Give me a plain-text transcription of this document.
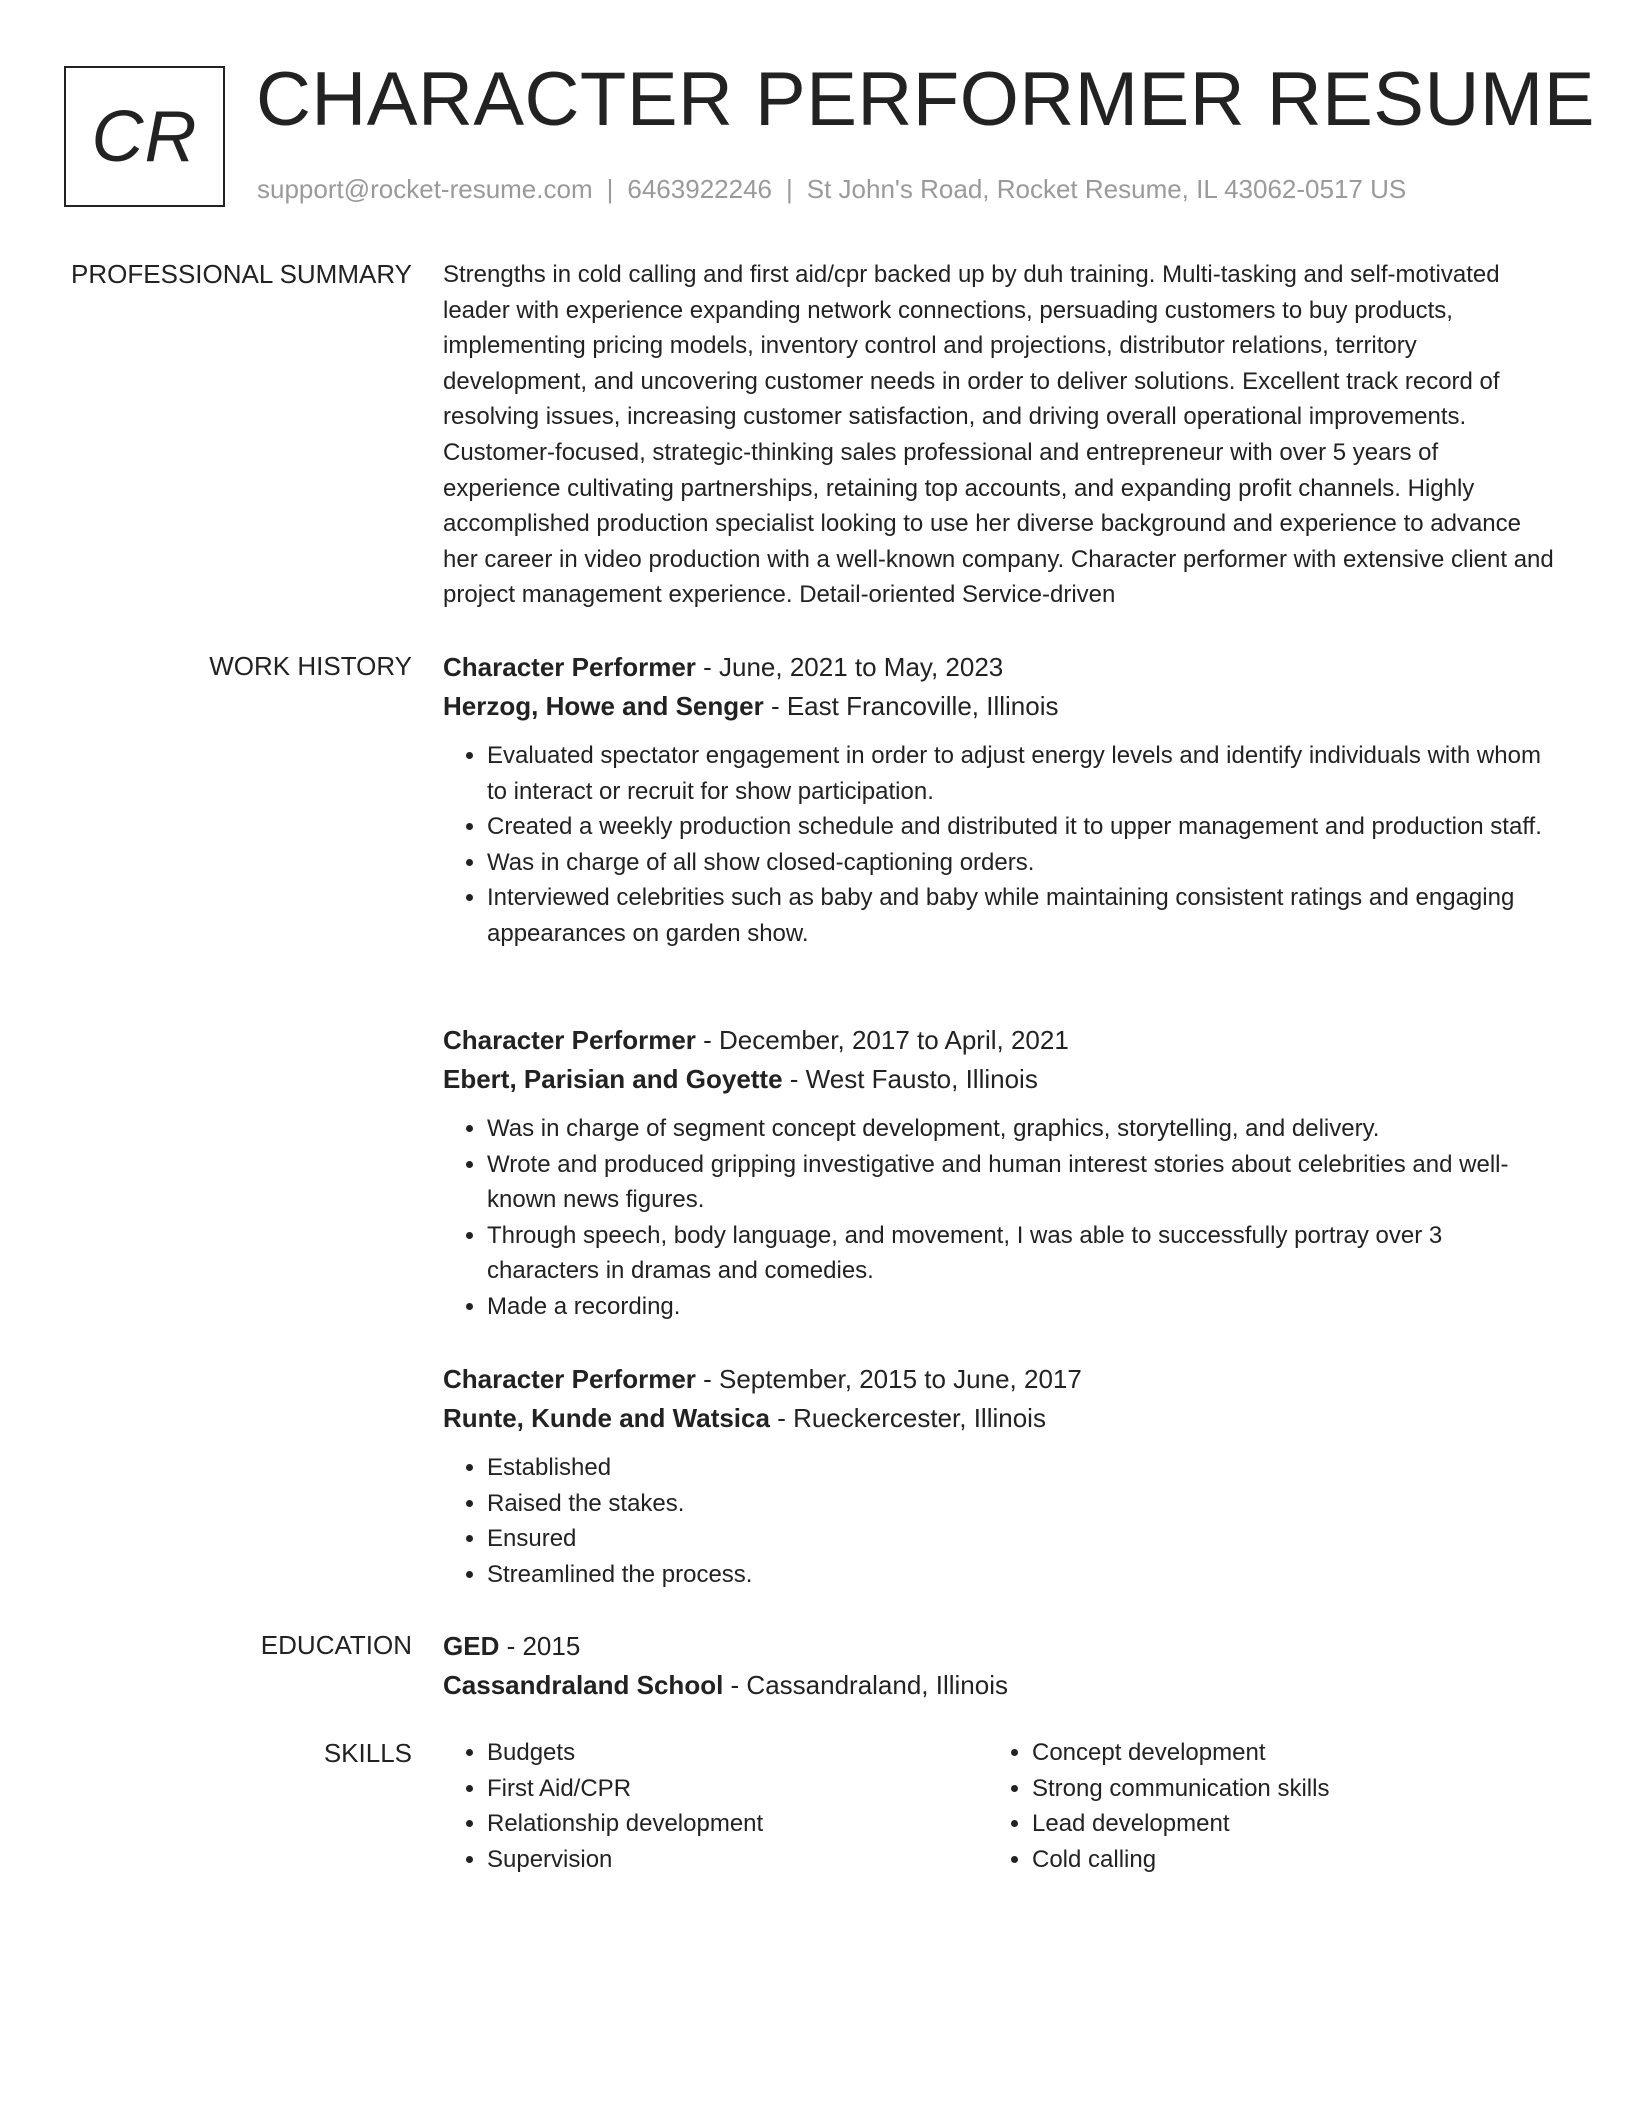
CR CHARACTER PERFORMER RESUME
support@rocket-resume.com | 6463922246 | St John's Road, Rocket Resume, IL 43062-0517 US
PROFESSIONAL SUMMARY Strengths in cold calling and first aid/cpr backed up by duh training. Multi-tasking and self-motivated leader with experience expanding network connections, persuading customers to buy products, implementing pricing models, inventory control and projections, distributor relations, territory development, and uncovering customer needs in order to deliver solutions. Excellent track record of resolving issues, increasing customer satisfaction, and driving overall operational improvements. Customer-focused, strategic-thinking sales professional and entrepreneur with over 5 years of experience cultivating partnerships, retaining top accounts, and expanding profit channels. Highly accomplished production specialist looking to use her diverse background and experience to advance her career in video production with a well-known company. Character performer with extensive client and project management experience. Detail-oriented Service-driven

WORK HISTORY Character Performer - June, 2021 to May, 2023
Herzog, Howe and Senger - East Francoville, Illinois
• Evaluated spectator engagement in order to adjust energy levels and identify individuals with whom to interact or recruit for show participation.
• Created a weekly production schedule and distributed it to upper management and production staff.
• Was in charge of all show closed-captioning orders.
• Interviewed celebrities such as baby and baby while maintaining consistent ratings and engaging appearances on garden show.
Character Performer - December, 2017 to April, 2021
Ebert, Parisian and Goyette - West Fausto, Illinois
• Was in charge of segment concept development, graphics, storytelling, and delivery.
• Wrote and produced gripping investigative and human interest stories about celebrities and well-known news figures.
• Through speech, body language, and movement, I was able to successfully portray over 3 characters in dramas and comedies.
• Made a recording.
Character Performer - September, 2015 to June, 2017
Runte, Kunde and Watsica - Rueckercester, Illinois
• Established
• Raised the stakes.
• Ensured
• Streamlined the process.
EDUCATION GED - 2015
Cassandraland School - Cassandraland, Illinois
SKILLS
•	Budgets
• First Aid/CPR
• Relationship development
• Supervision
• Concept development
• Strong communication skills
• Lead development
• Cold calling
